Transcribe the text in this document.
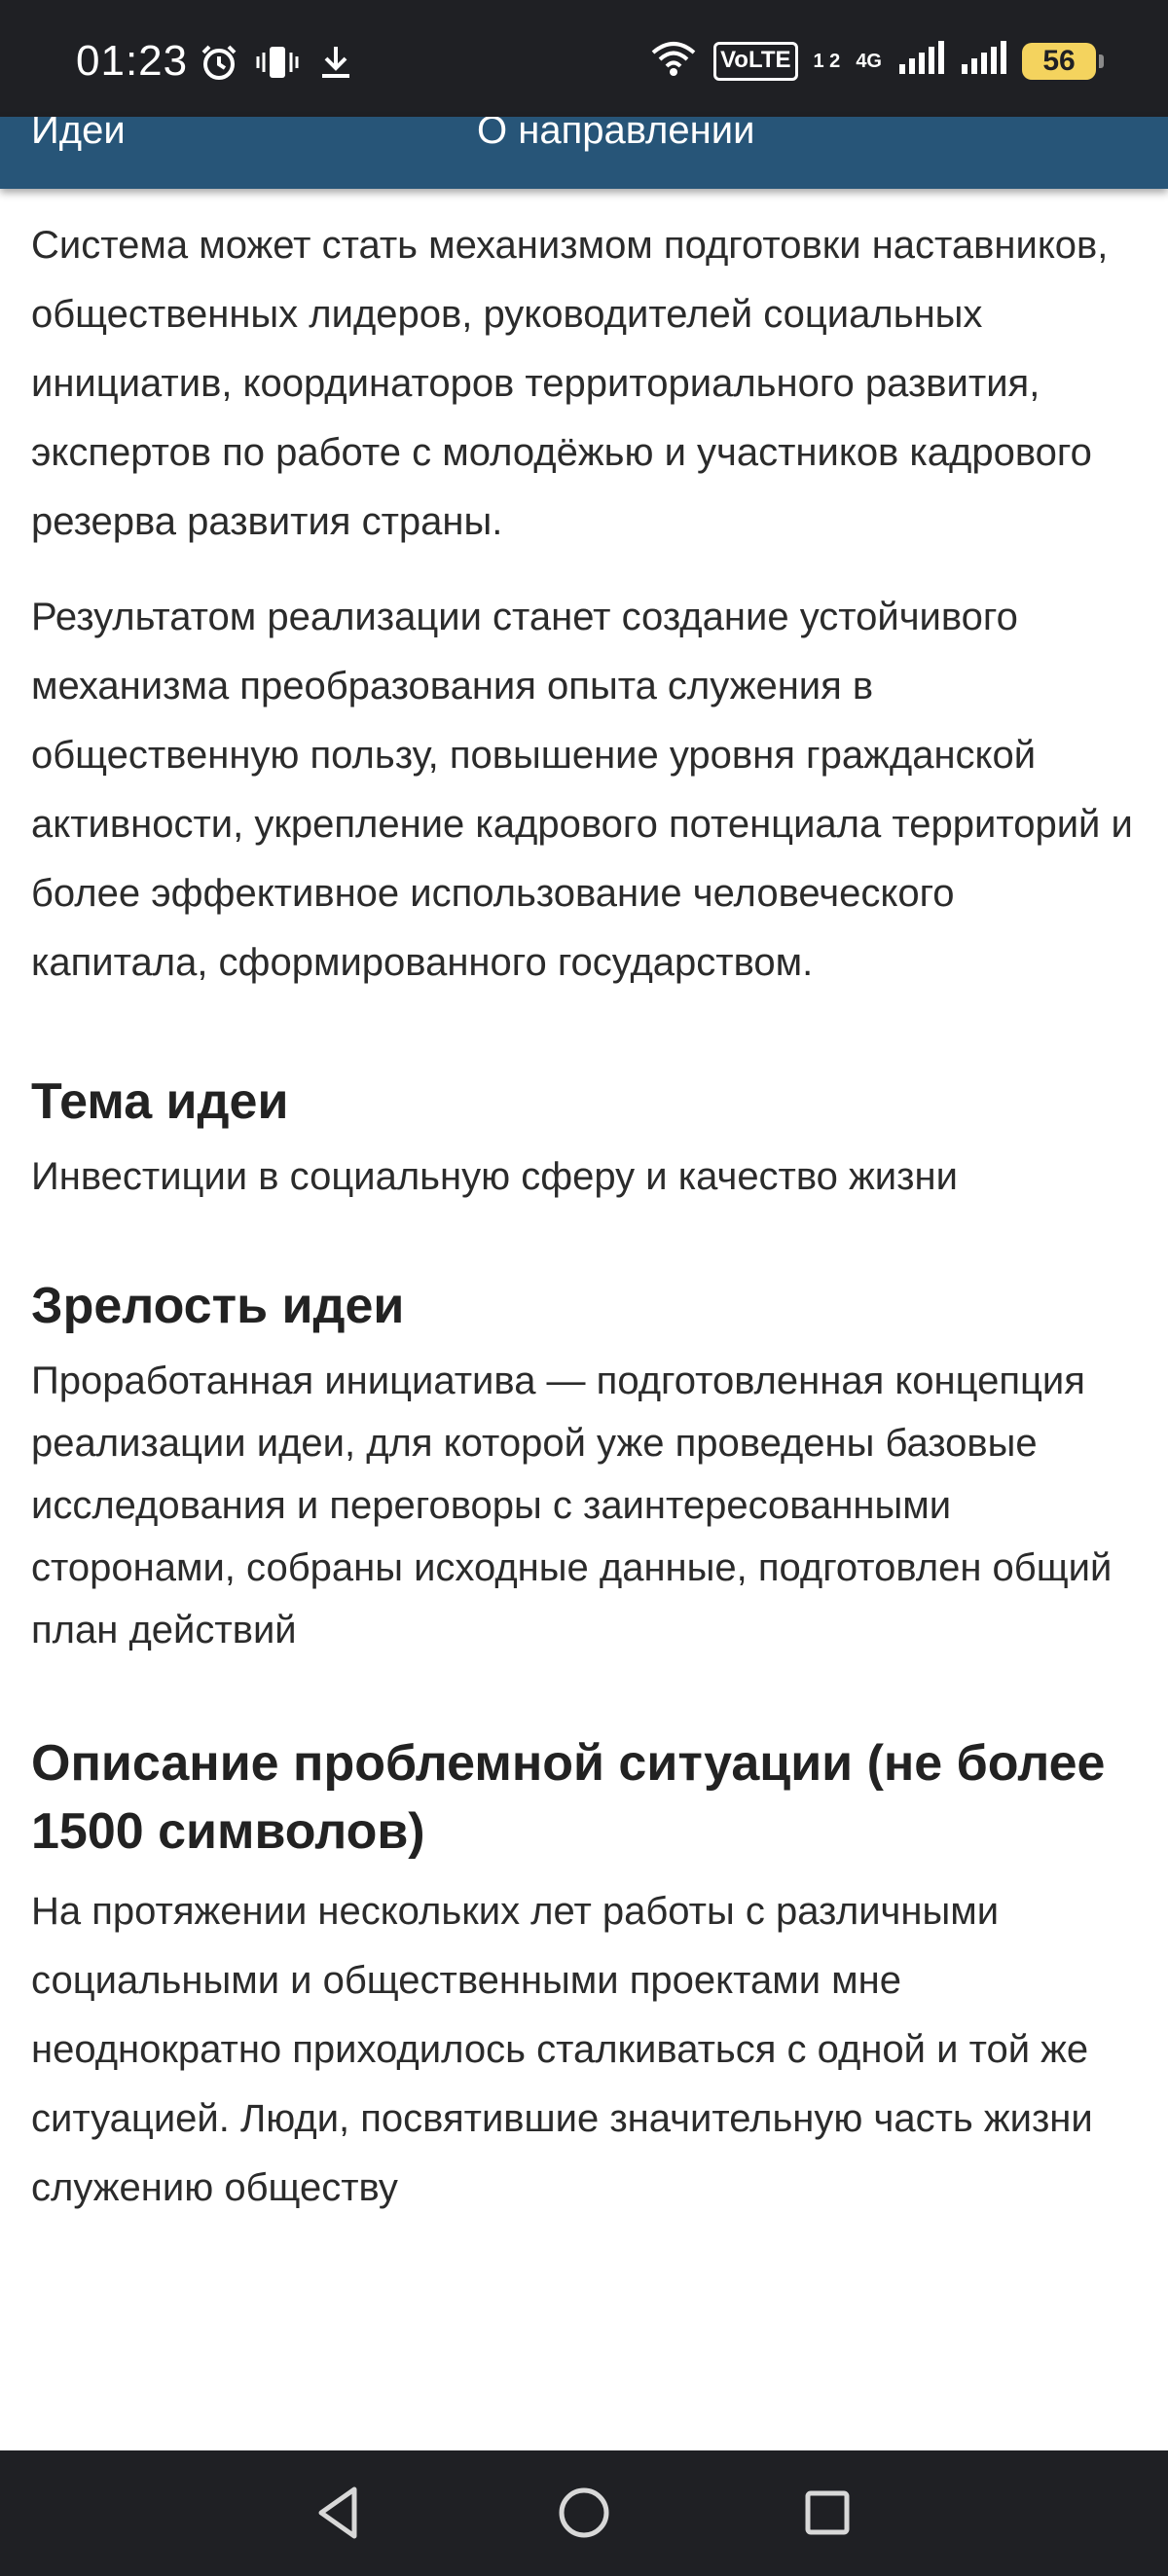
01:23	VoLTE	1 2 4G	56
Идеи	О направлении

Система может стать механизмом подготовки наставников, общественных лидеров, руководителей социальных инициатив, координаторов территориального развития, экспертов по работе с молодёжью и участников кадрового резерва развития страны.

Результатом реализации станет создание устойчивого механизма преобразования опыта служения в общественную пользу, повышение уровня гражданской активности, укрепление кадрового потенциала территорий и более эффективное использование человеческого капитала, сформированного государством.

Тема идеи

Инвестиции в социальную сферу и качество жизни

Зрелость идеи

Проработанная инициатива — подготовленная концепция реализации идеи, для которой уже проведены базовые исследования и переговоры с заинтересованными сторонами, собраны исходные данные, подготовлен общий план действий

Описание проблемной ситуации (не более 1500 символов)

На протяжении нескольких лет работы с различными социальными и общественными проектами мне неоднократно приходилось сталкиваться с одной и той же ситуацией. Люди, посвятившие значительную часть жизни служению обществу
